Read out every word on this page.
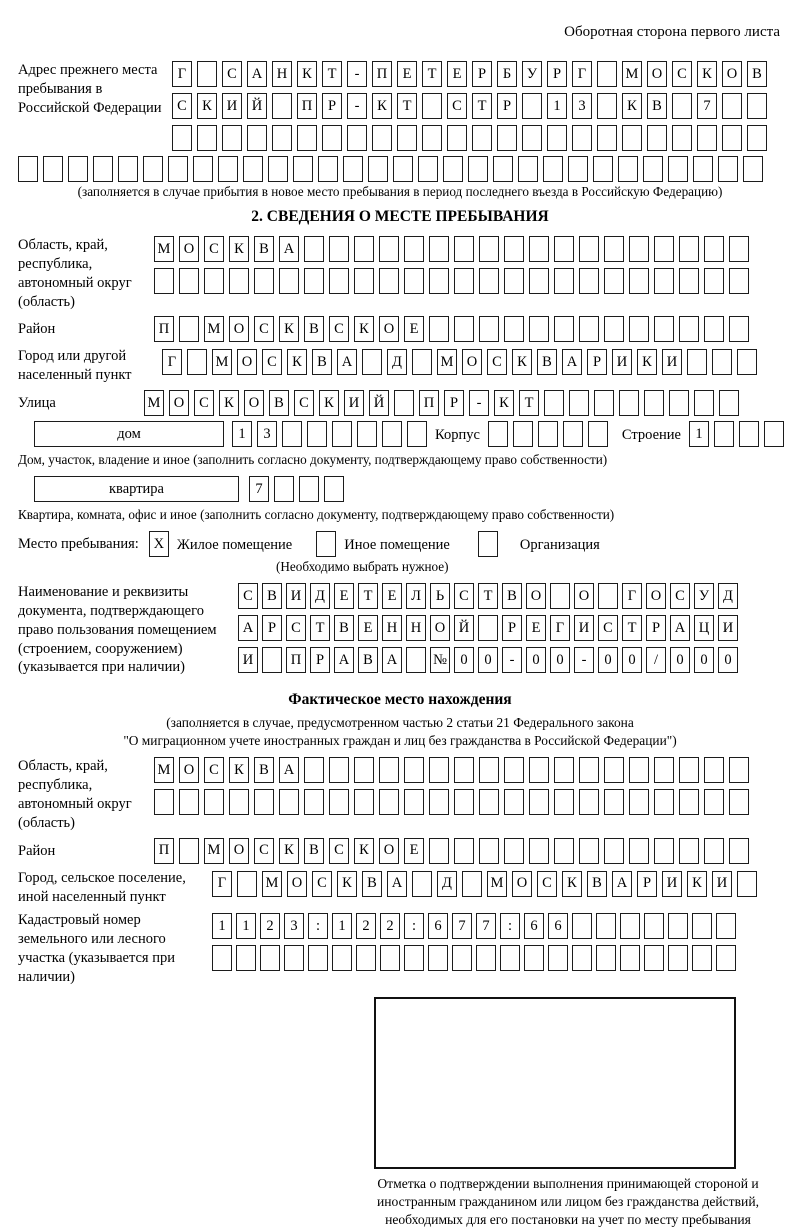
Оборотная сторона первого листа
Адрес прежнего места пребывания в Российской Федерации
Г	С	А	Н	К	Т	-	П	Е	Т	Е	Р	Б	У	Р	Г	М О	С	К	О	В
С	К	И	Й	П	Р	-	К	Т	С	Т	Р	1	3	К	В	7
(заполняется в случае прибытия в новое место пребывания в период последнего въезда в Российскую Федерацию)
2. СВЕДЕНИЯ О МЕСТЕ ПРЕБЫВАНИЯ
Область, край, республика, автономный округ (область)
М О	С	К	В	А
Район	П	М О	С	К	В	С	К	О	Е
Город или другой населенный пункт
Г	М О	С	К	В	А	Д	М О	С	К	В	А	Р	И	К	И
Улица	М О	С	К	О	В	С	К	И	Й	П	Р	-	К	Т
дом	1	3	Корпус	Строение 1
Дом, участок, владение и иное (заполнить согласно документу, подтверждающему право собственности)
квартира	7
Квартира, комната, офис и иное (заполнить согласно документу, подтверждающему право собственности)
Место пребывания:	X Жилое помещение	Иное помещение	Организация
(Необходимо выбрать нужное)
Наименование и реквизиты документа, подтверждающего право пользования помещением (строением, сооружением) (указывается при наличии)
С В И Д	Е	Т	Е	Л	Ь	С	Т	В О	О	Г	О С У Д
А	Р	С	Т	В	Е Н Н О Й	Р	Е	Г	И С	Т	Р	А Ц И
И	П	Р	А В А	№ 0	0	-	0	0	-	0	0	/	0	0	0
Фактическое место нахождения
(заполняется в случае, предусмотренном частью 2 статьи 21 Федерального закона
"О миграционном учете иностранных граждан и лиц без гражданства в Российской Федерации")
Область, край, республика, автономный округ (область)
М О	С	К	В	А
Район	П	М О	С	К	В	С	К	О	Е
Город, сельское поселение, иной населенный пункт
Г	М О	С	К	В	А	Д	М О	С	К	В	А	Р	И	К	И
Кадастровый номер земельного или лесного участка (указывается при наличии)
1	1	2	3	:	1	2	2	:	6	7	7	:	6	6
Отметка о подтверждении выполнения принимающей стороной и иностранным гражданином или лицом без гражданства действий, необходимых для его постановки на учет по месту пребывания
